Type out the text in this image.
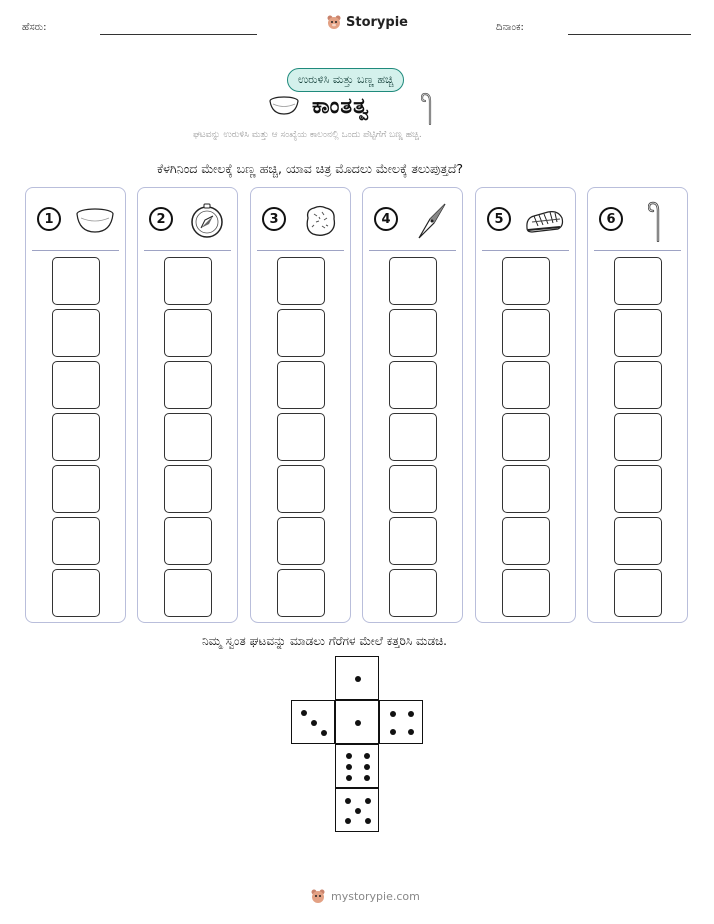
ಹೆಸರು:	Storypie	ದಿನಾಂಕ:
ಉರುಳಿಸಿ ಮತ್ತು ಬಣ್ಣ ಹಚ್ಚಿ
ಕಾಂತತ್ವ
ಘಟವನ್ನು ಉರುಳಿಸಿ ಮತ್ತು ಆ ಸಂಖ್ಯೆಯ ಕಾಲಂನಲ್ಲಿ ಒಂದು ಪೆಟ್ಟಿಗೆಗೆ ಬಣ್ಣ ಹಚ್ಚಿ.
ಕೆಳಗಿನಿಂದ ಮೇಲಕ್ಕೆ ಬಣ್ಣ ಹಚ್ಚಿ, ಯಾವ ಚಿತ್ರ ಮೊದಲು ಮೇಲಕ್ಕೆ ತಲುಪುತ್ತದೆ?
1	2	3	4	5	6
ನಿಮ್ಮ ಸ್ವಂತ ಘಟವನ್ನು ಮಾಡಲು ಗೆರೆಗಳ ಮೇಲೆ ಕತ್ತರಿಸಿ ಮಡಚಿ.
mystorypie.com
